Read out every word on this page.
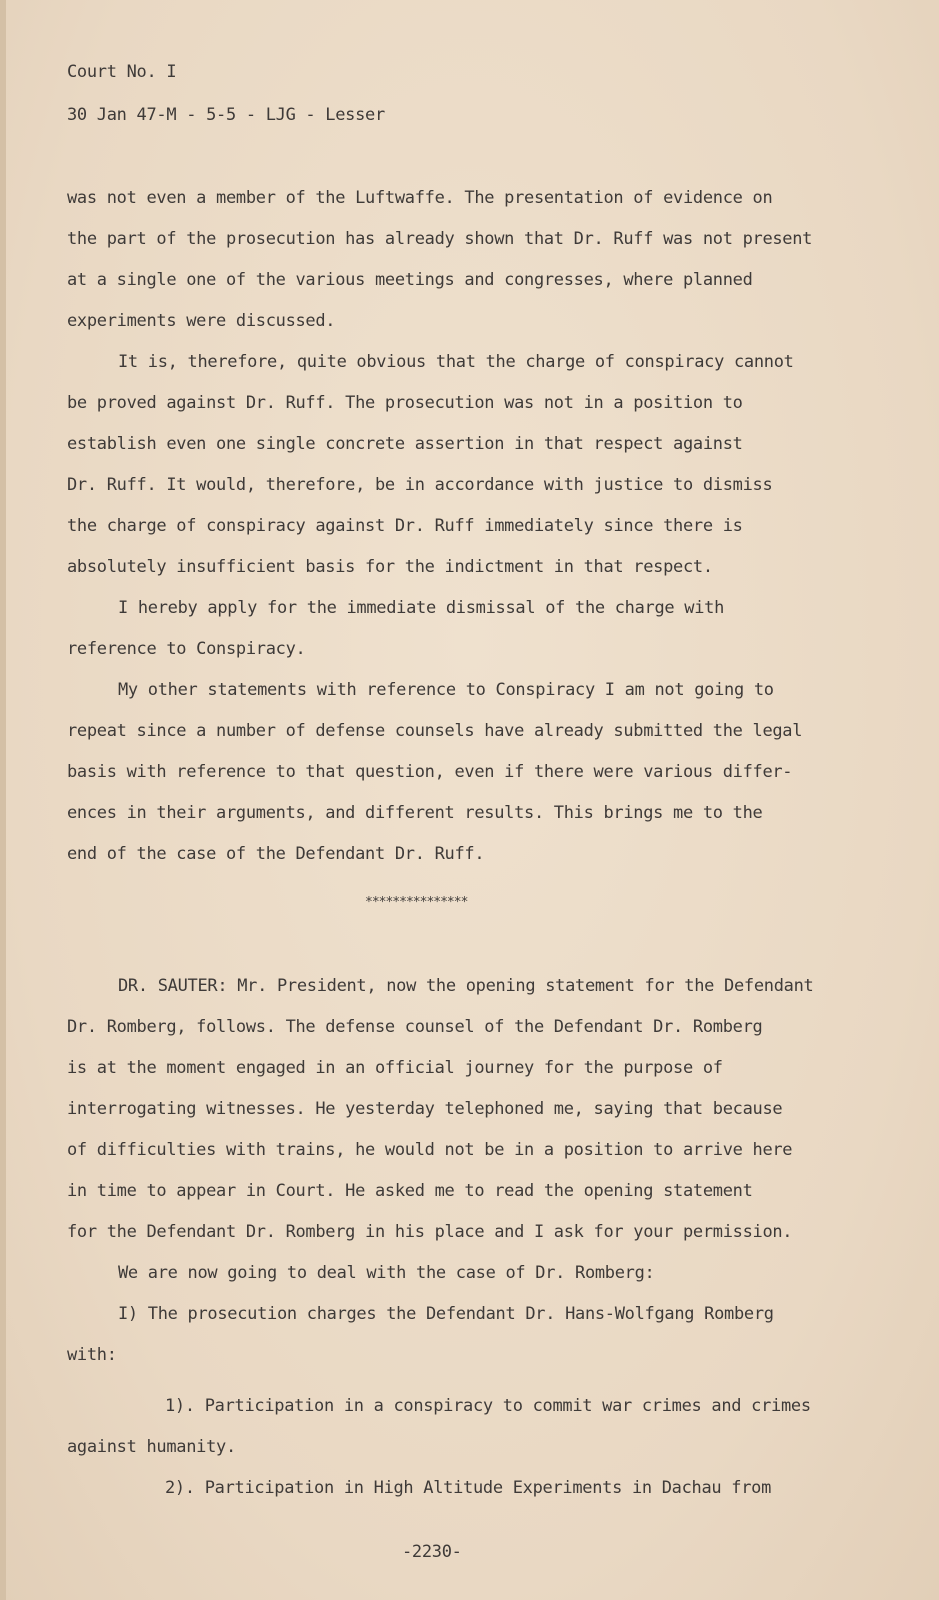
Court No. I
30 Jan 47-M - 5-5 - LJG - Lesser
was not even a member of the Luftwaffe. The presentation of evidence on
the part of the prosecution has already shown that Dr. Ruff was not present
at a single one of the various meetings and congresses, where planned
experiments were discussed.
It is, therefore, quite obvious that the charge of conspiracy cannot
be proved against Dr. Ruff. The prosecution was not in a position to
establish even one single concrete assertion in that respect against
Dr. Ruff. It would, therefore, be in accordance with justice to dismiss
the charge of conspiracy against Dr. Ruff immediately since there is
absolutely insufficient basis for the indictment in that respect.
I hereby apply for the immediate dismissal of the charge with
reference to Conspiracy.
My other statements with reference to Conspiracy I am not going to
repeat since a number of defense counsels have already submitted the legal
basis with reference to that question, even if there were various differ-
ences in their arguments, and different results. This brings me to the
end of the case of the Defendant Dr. Ruff.
***************
DR. SAUTER: Mr. President, now the opening statement for the Defendant
Dr. Romberg, follows. The defense counsel of the Defendant Dr. Romberg
is at the moment engaged in an official journey for the purpose of
interrogating witnesses. He yesterday telephoned me, saying that because
of difficulties with trains, he would not be in a position to arrive here
in time to appear in Court. He asked me to read the opening statement
for the Defendant Dr. Romberg in his place and I ask for your permission.
We are now going to deal with the case of Dr. Romberg:
I) The prosecution charges the Defendant Dr. Hans-Wolfgang Romberg
with:
1). Participation in a conspiracy to commit war crimes and crimes
against humanity.
2). Participation in High Altitude Experiments in Dachau from
-2230-
